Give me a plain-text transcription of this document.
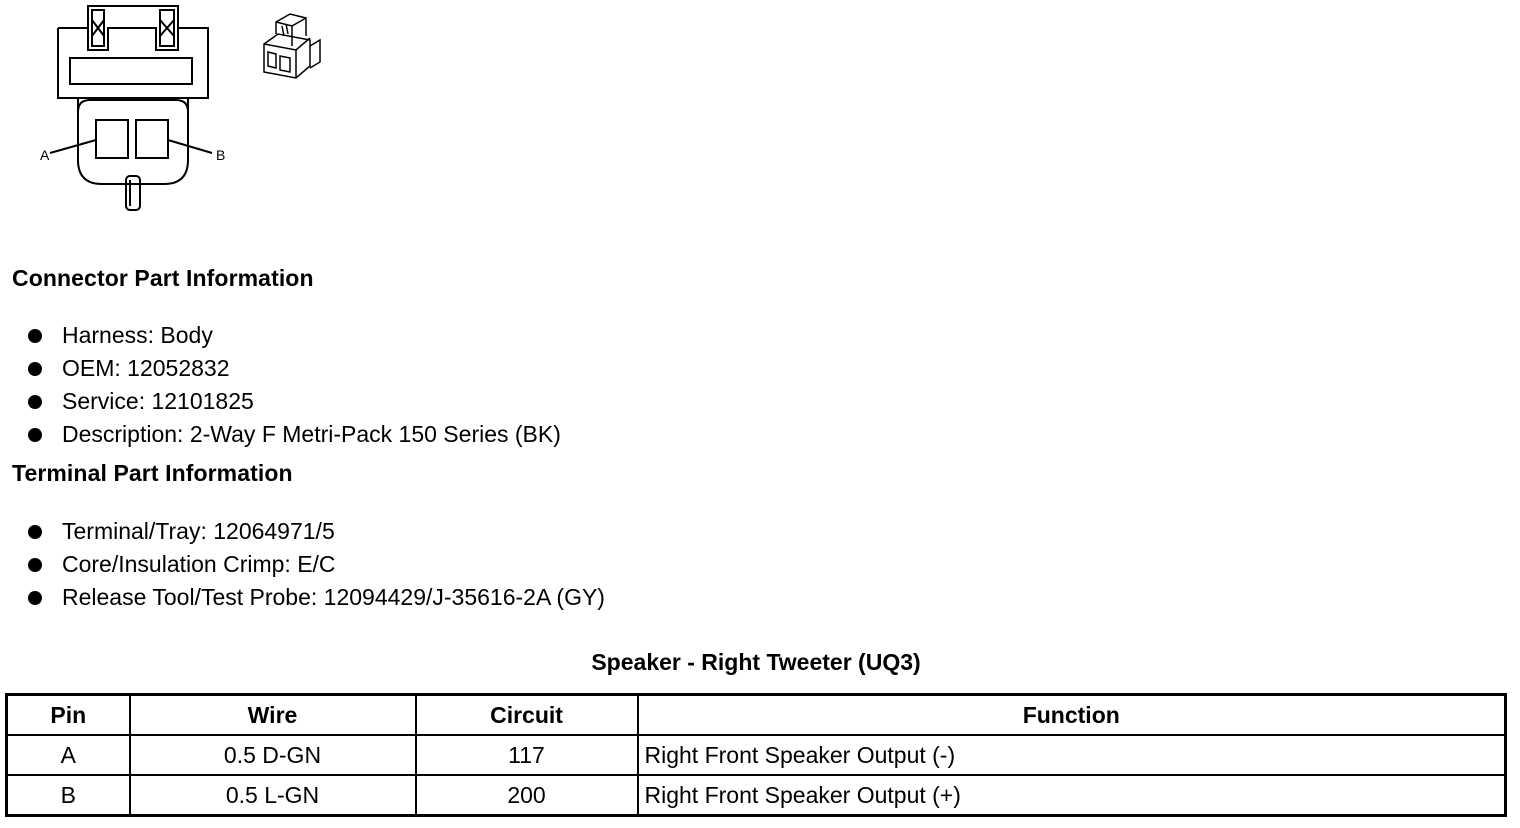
A	B
Connector Part Information
Harness: Body
OEM: 12052832
Service: 12101825
Description: 2-Way F Metri-Pack 150 Series (BK)
Terminal Part Information
Terminal/Tray: 12064971/5
Core/Insulation Crimp: E/C
Release Tool/Test Probe: 12094429/J-35616-2A (GY)
Speaker - Right Tweeter (UQ3)
Pin	Wire	Circuit	Function
A	0.5 D-GN	117	Right Front Speaker Output (-)
B	0.5 L-GN	200	Right Front Speaker Output (+)
